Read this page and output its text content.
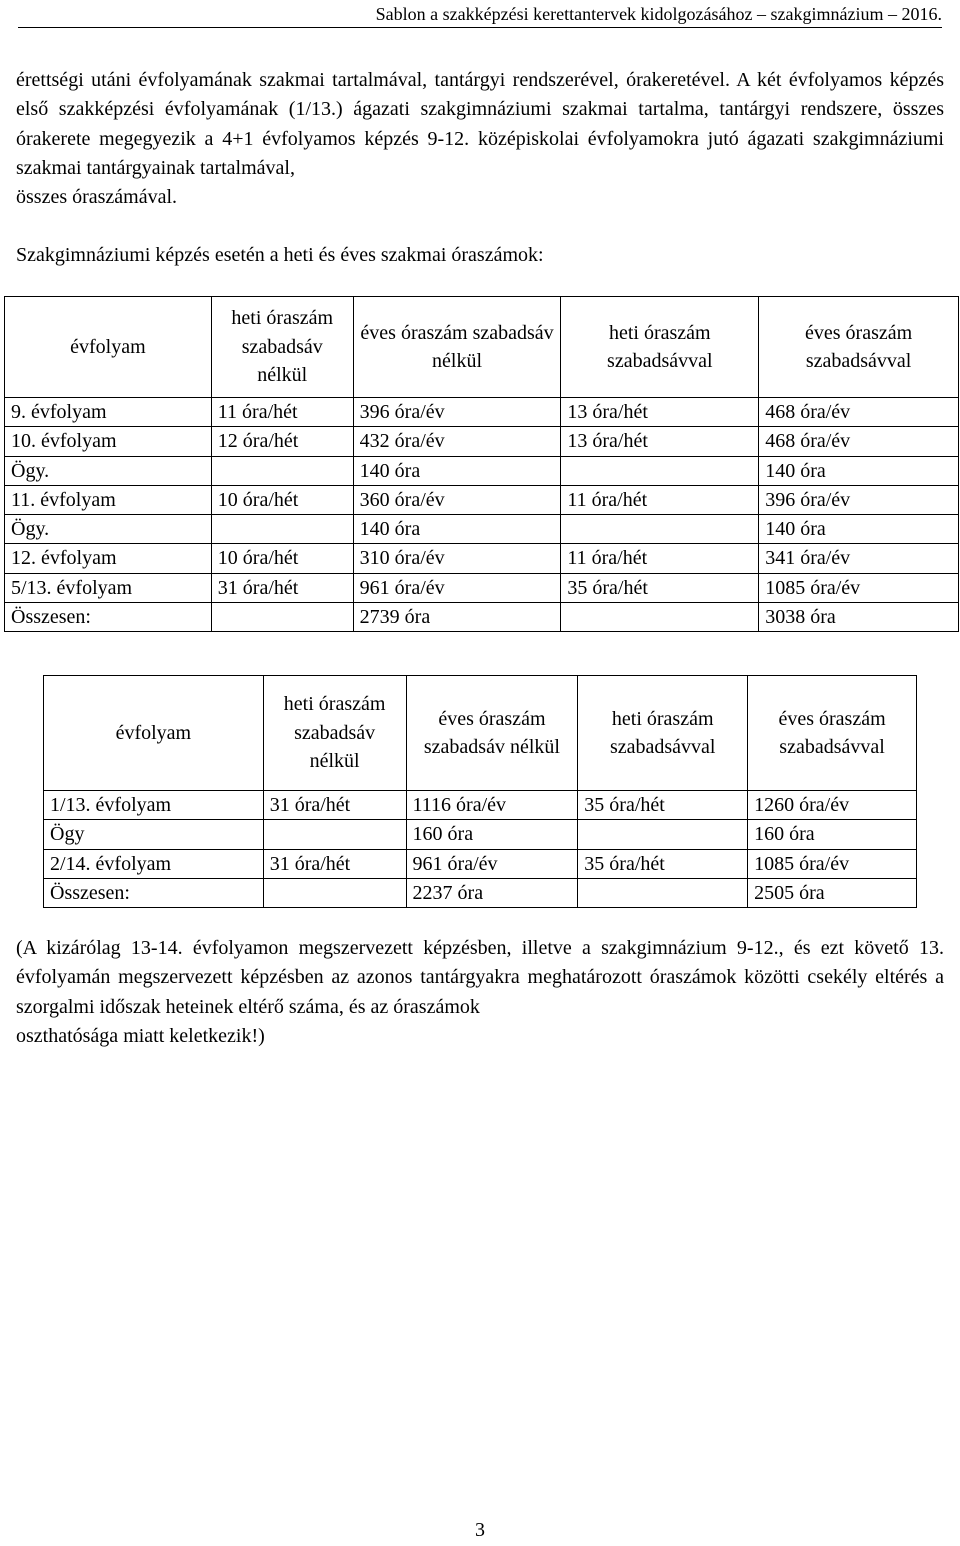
Sablon a szakképzési kerettantervek kidolgozásához – szakgimnázium – 2016.
érettségi utáni évfolyamának szakmai tartalmával, tantárgyi rendszerével, órakeretével. A két évfolyamos képzés első szakképzési évfolyamának (1/13.) ágazati szakgimnáziumi szakmai tartalma, tantárgyi rendszere, összes órakerete megegyezik a 4+1 évfolyamos képzés 9-12. középiskolai évfolyamokra jutó ágazati szakgimnáziumi szakmai tantárgyainak tartalmával,
összes óraszámával.
Szakgimnáziumi képzés esetén a heti és éves szakmai óraszámok:
évfolyam	heti óraszám szabadsáv nélkül	éves óraszám szabadsáv nélkül	heti óraszám szabadsávval	éves óraszám szabadsávval
9. évfolyam	11 óra/hét	396 óra/év	13 óra/hét	468 óra/év
10. évfolyam	12 óra/hét	432 óra/év	13 óra/hét	468 óra/év
Ögy.		140 óra		140 óra
11. évfolyam	10 óra/hét	360 óra/év	11 óra/hét	396 óra/év
Ögy.		140 óra		140 óra
12. évfolyam	10 óra/hét	310 óra/év	11 óra/hét	341 óra/év
5/13. évfolyam	31 óra/hét	961 óra/év	35 óra/hét	1085 óra/év
Összesen:		2739 óra		3038 óra
évfolyam	heti óraszám szabadsáv nélkül	éves óraszám szabadsáv nélkül	heti óraszám szabadsávval	éves óraszám szabadsávval
1/13. évfolyam	31 óra/hét	1116 óra/év	35 óra/hét	1260 óra/év
Ögy		160 óra		160 óra
2/14. évfolyam	31 óra/hét	961 óra/év	35 óra/hét	1085 óra/év
Összesen:		2237 óra		2505 óra
(A kizárólag 13-14. évfolyamon megszervezett képzésben, illetve a szakgimnázium 9-12., és ezt követő 13. évfolyamán megszervezett képzésben az azonos tantárgyakra meghatározott óraszámok közötti csekély eltérés a szorgalmi időszak heteinek eltérő száma, és az óraszámok
oszthatósága miatt keletkezik!)
3
